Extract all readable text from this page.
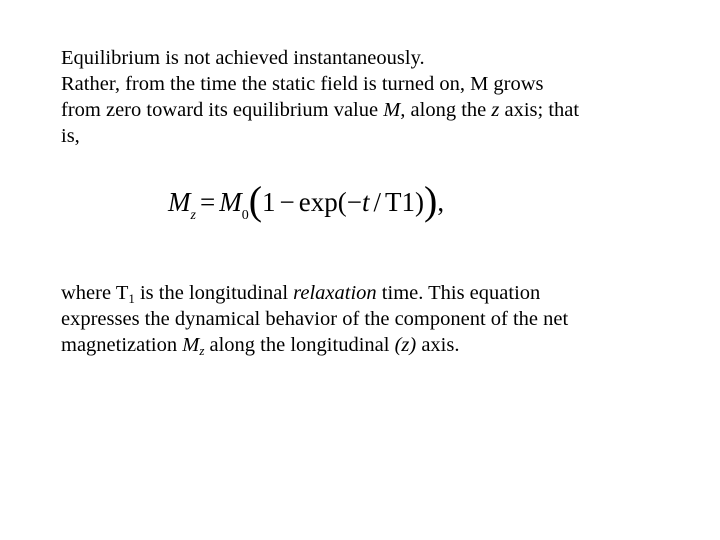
Equilibrium is not achieved instantaneously.
Rather, from the time the static field is turned on, M grows
from zero toward its equilibrium value M, along the z axis; that
is,
$M_z = M_0(1 - \exp(-t / T1))$,
where $T_1$ is the longitudinal relaxation time. This equation
expresses the dynamical behavior of the component of the net
magnetization $M_z$ along the longitudinal (z) axis.
